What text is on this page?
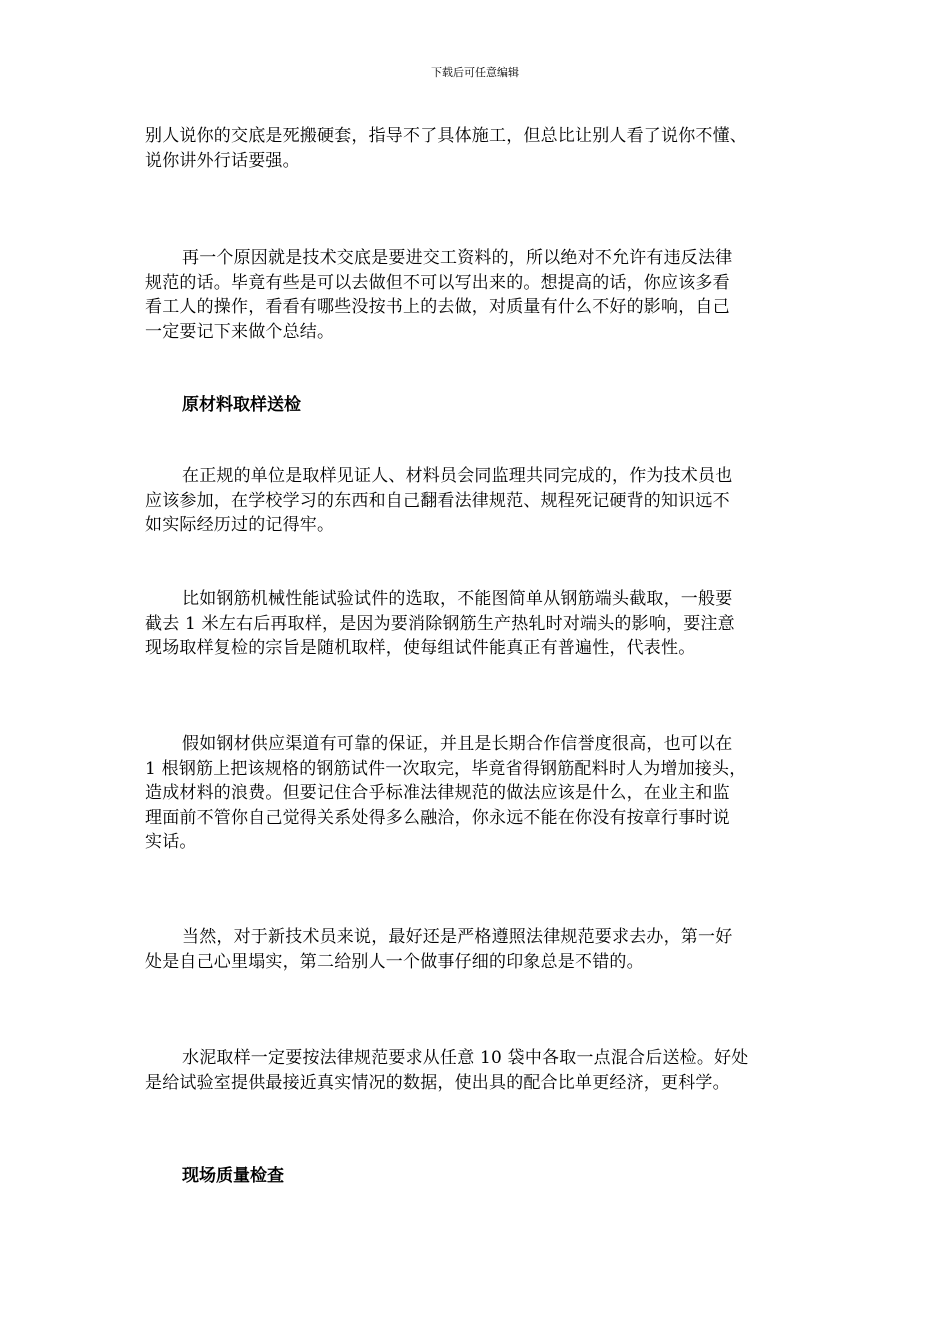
下载后可任意编辑

别人说你的交底是死搬硬套，指导不了具体施工，但总比让别人看了说你不懂、
说你讲外行话要强。

再一个原因就是技术交底是要进交工资料的，所以绝对不允许有违反法律
规范的话。毕竟有些是可以去做但不可以写出来的。想提高的话，你应该多看
看工人的操作，看看有哪些没按书上的去做，对质量有什么不好的影响，自己
一定要记下来做个总结。

原材料取样送检

在正规的单位是取样见证人、材料员会同监理共同完成的，作为技术员也
应该参加，在学校学习的东西和自己翻看法律规范、规程死记硬背的知识远不
如实际经历过的记得牢。

比如钢筋机械性能试验试件的选取，不能图简单从钢筋端头截取，一般要
截去 1 米左右后再取样，是因为要消除钢筋生产热轧时对端头的影响，要注意
现场取样复检的宗旨是随机取样，使每组试件能真正有普遍性，代表性。

假如钢材供应渠道有可靠的保证，并且是长期合作信誉度很高，也可以在
1 根钢筋上把该规格的钢筋试件一次取完，毕竟省得钢筋配料时人为增加接头，
造成材料的浪费。但要记住合乎标准法律规范的做法应该是什么，在业主和监
理面前不管你自己觉得关系处得多么融洽，你永远不能在你没有按章行事时说
实话。

当然，对于新技术员来说，最好还是严格遵照法律规范要求去办，第一好
处是自己心里塌实，第二给别人一个做事仔细的印象总是不错的。

水泥取样一定要按法律规范要求从任意 10 袋中各取一点混合后送检。好处
是给试验室提供最接近真实情况的数据，使出具的配合比单更经济，更科学。

现场质量检查
